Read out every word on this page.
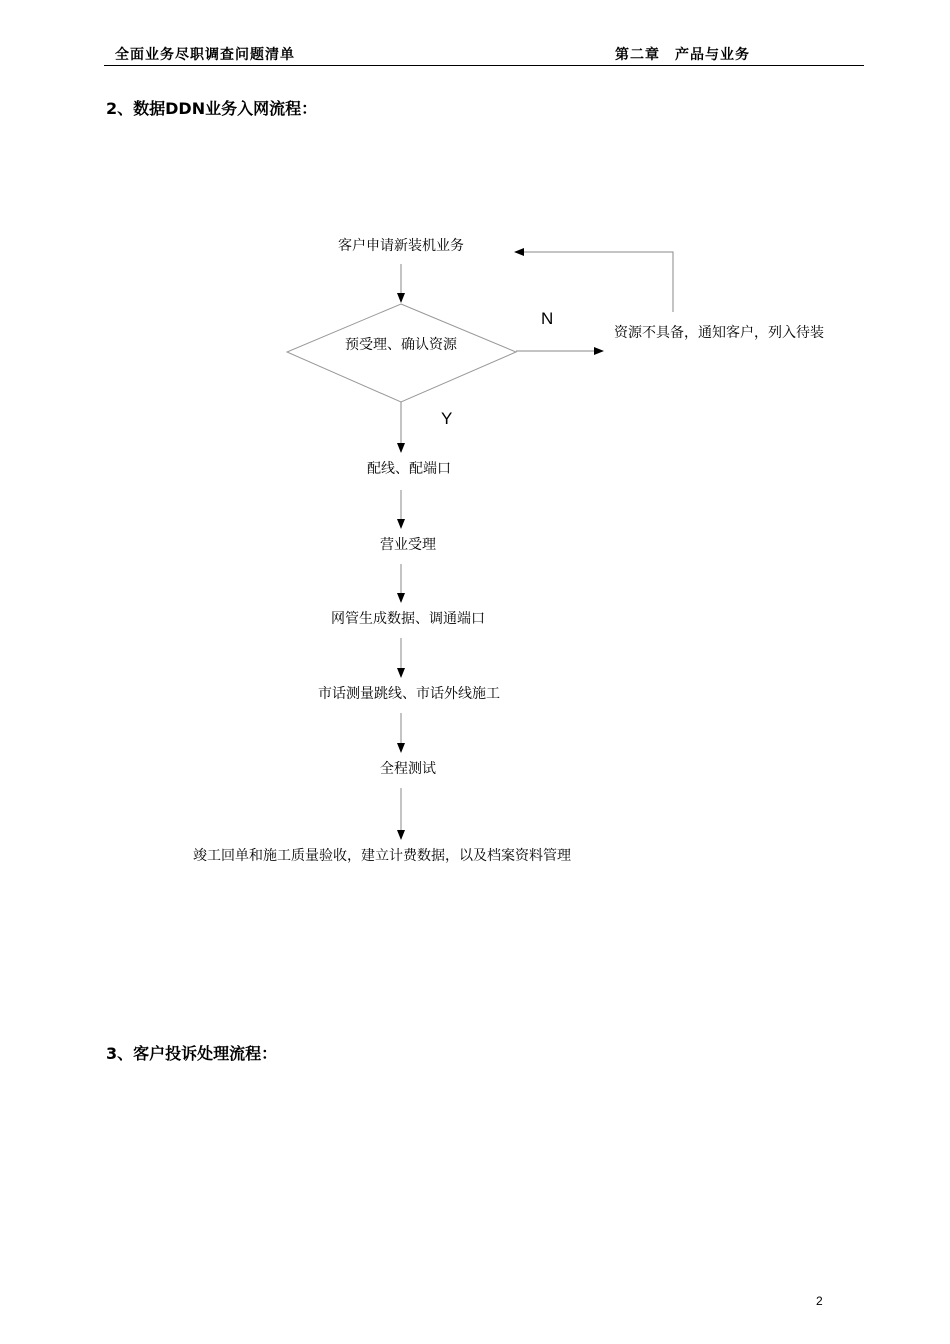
全面业务尽职调查问题清单	第二章　产品与业务
2、数据DDN业务入网流程：
客户申请新装机业务
预受理、确认资源
N
资源不具备，通知客户，列入待装
Y
配线、配端口
营业受理
网管生成数据、调通端口
市话测量跳线、市话外线施工
全程测试
竣工回单和施工质量验收，建立计费数据，以及档案资料管理
3、客户投诉处理流程：
2
